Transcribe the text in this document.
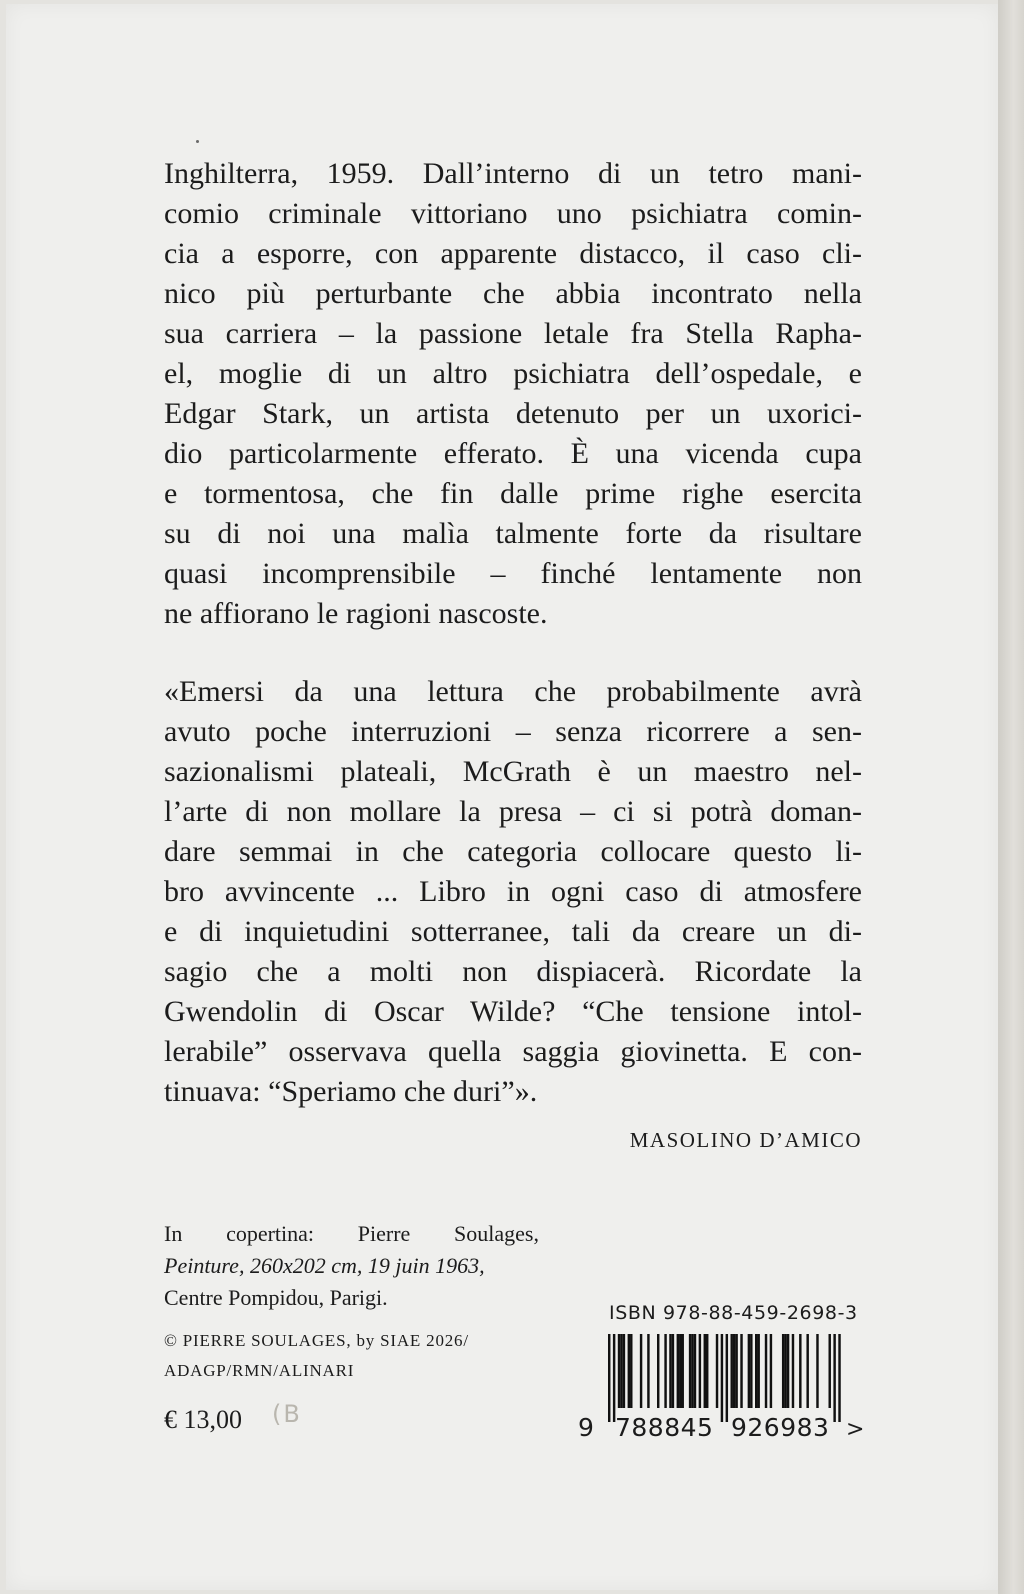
Inghilterra, 1959. Dall’interno di un tetro mani-
comio criminale vittoriano uno psichiatra comin-
cia a esporre, con apparente distacco, il caso cli-
nico più perturbante che abbia incontrato nella
sua carriera – la passione letale fra Stella Rapha-
el, moglie di un altro psichiatra dell’ospedale, e
Edgar Stark, un artista detenuto per un uxorici-
dio particolarmente efferato. È una vicenda cupa
e tormentosa, che fin dalle prime righe esercita
su di noi una malìa talmente forte da risultare
quasi incomprensibile – finché lentamente non
ne affiorano le ragioni nascoste.
«Emersi da una lettura che probabilmente avrà
avuto poche interruzioni – senza ricorrere a sen-
sazionalismi plateali, McGrath è un maestro nel-
l’arte di non mollare la presa – ci si potrà doman-
dare semmai in che categoria collocare questo li-
bro avvincente ... Libro in ogni caso di atmosfere
e di inquietudini sotterranee, tali da creare un di-
sagio che a molti non dispiacerà. Ricordate la
Gwendolin di Oscar Wilde? “Che tensione intol-
lerabile” osservava quella saggia giovinetta. E con-
tinuava: “Speriamo che duri”».
MASOLINO D’AMICO
In copertina: Pierre Soulages,
Peinture, 260x202 cm, 19 juin 1963,
Centre Pompidou, Parigi.
© PIERRE SOULAGES, by SIAE 2026/
ADAGP/RMN/ALINARI
€ 13,00 (B
ISBN 978-88-459-2698-3
9 788845 926983 >
